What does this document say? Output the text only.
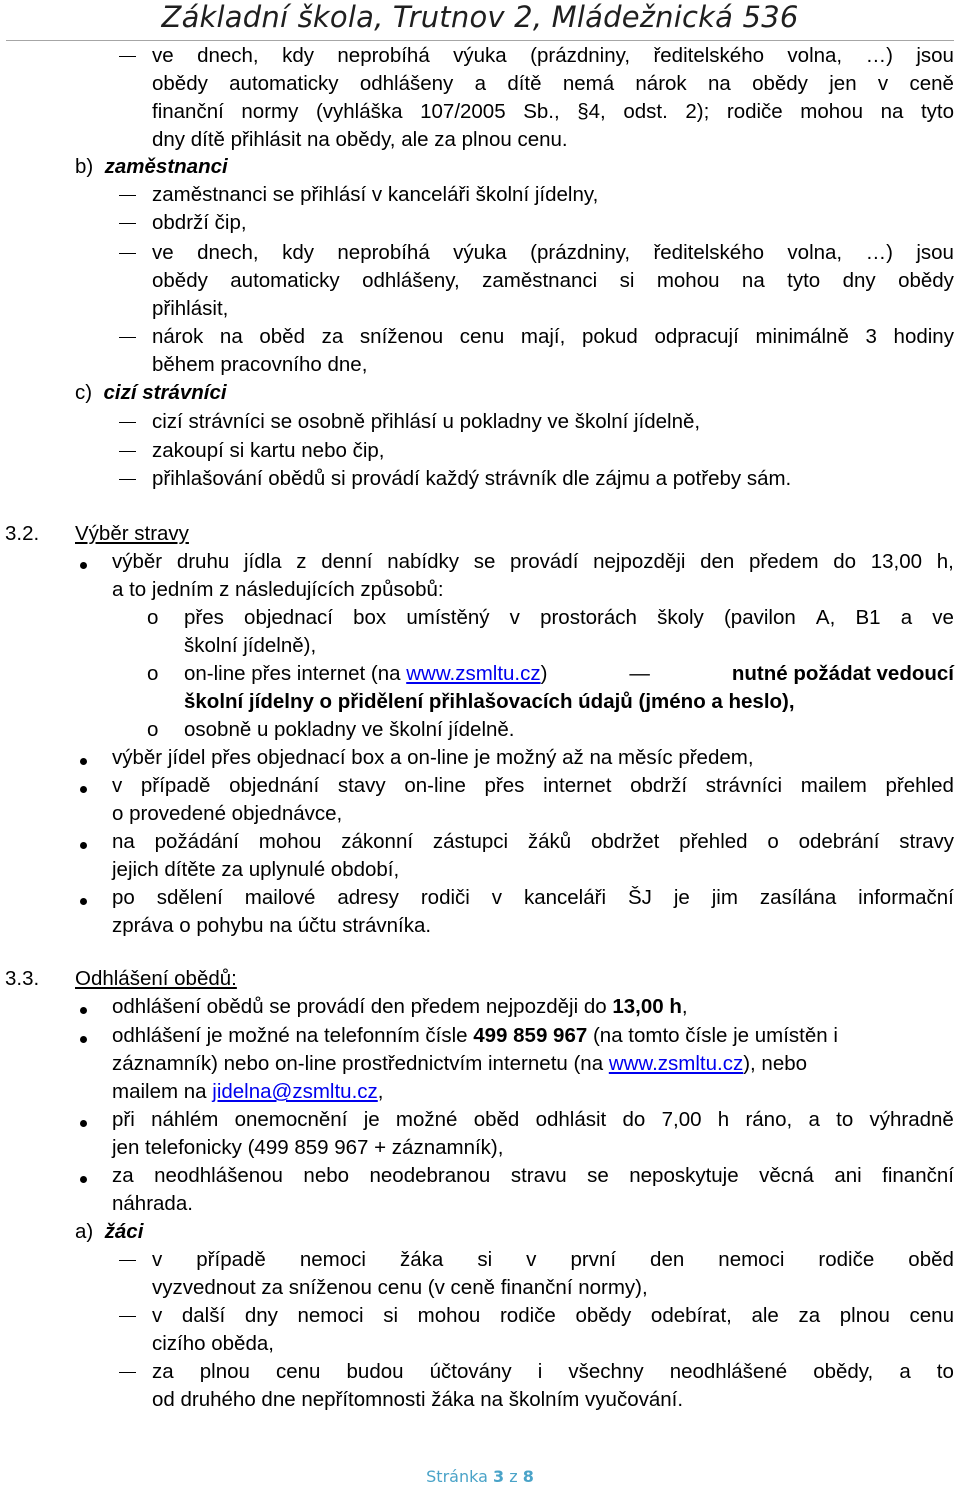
Základní škola, Trutnov 2, Mládežnická 536
ve dnech, kdy neprobíhá výuka (prázdniny, ředitelského volna, …) jsou
obědy automaticky odhlášeny a dítě nemá nárok na obědy jen v ceně
finanční normy (vyhláška 107/2005 Sb., §4, odst. 2); rodiče mohou na tyto
dny dítě přihlásit na obědy, ale za plnou cenu.
b) zaměstnanci
zaměstnanci se přihlásí v kanceláři školní jídelny,
obdrží čip,
ve dnech, kdy neprobíhá výuka (prázdniny, ředitelského volna, …) jsou
obědy automaticky odhlášeny, zaměstnanci si mohou na tyto dny obědy
přihlásit,
nárok na oběd za sníženou cenu mají, pokud odpracují minimálně 3 hodiny
během pracovního dne,
c) cizí strávníci
cizí strávníci se osobně přihlásí u pokladny ve školní jídelně,
zakoupí si kartu nebo čip,
přihlašování obědů si provádí každý strávník dle zájmu a potřeby sám.
3.2. Výběr stravy
výběr druhu jídla z denní nabídky se provádí nejpozději den předem do 13,00 h,
a to jedním z následujících způsobů:
o přes objednací box umístěný v prostorách školy (pavilon A, B1 a ve
školní jídelně),
o on-line přes internet (na www.zsmltu.cz)	—	nutné požádat vedoucí
školní jídelny o přidělení přihlašovacích údajů (jméno a heslo),
o osobně u pokladny ve školní jídelně.
výběr jídel přes objednací box a on-line je možný až na měsíc předem,
v případě objednání stavy on-line přes internet obdrží strávníci mailem přehled
o provedené objednávce,
na požádání mohou zákonní zástupci žáků obdržet přehled o odebrání stravy
jejich dítěte za uplynulé období,
po sdělení mailové adresy rodiči v kanceláři ŠJ je jim zasílána informační
zpráva o pohybu na účtu strávníka.
3.3. Odhlášení obědů:
odhlášení obědů se provádí den předem nejpozději do 13,00 h,
odhlášení je možné na telefonním čísle 499 859 967 (na tomto čísle je umístěn i
záznamník) nebo on-line prostřednictvím internetu (na www.zsmltu.cz), nebo
mailem na jidelna@zsmltu.cz,
při náhlém onemocnění je možné oběd odhlásit do 7,00 h ráno, a to výhradně
jen telefonicky (499 859 967 + záznamník),
za neodhlášenou nebo neodebranou stravu se neposkytuje věcná ani finanční
náhrada.
a) žáci
v případě nemoci žáka si v první den nemoci rodiče oběd
vyzvednout za sníženou cenu (v ceně finanční normy),
v další dny nemoci si mohou rodiče obědy odebírat, ale za plnou cenu
cizího oběda,
za plnou cenu budou účtovány i všechny neodhlášené obědy, a to
od druhého dne nepřítomnosti žáka na školním vyučování.
Stránka 3 z 8
